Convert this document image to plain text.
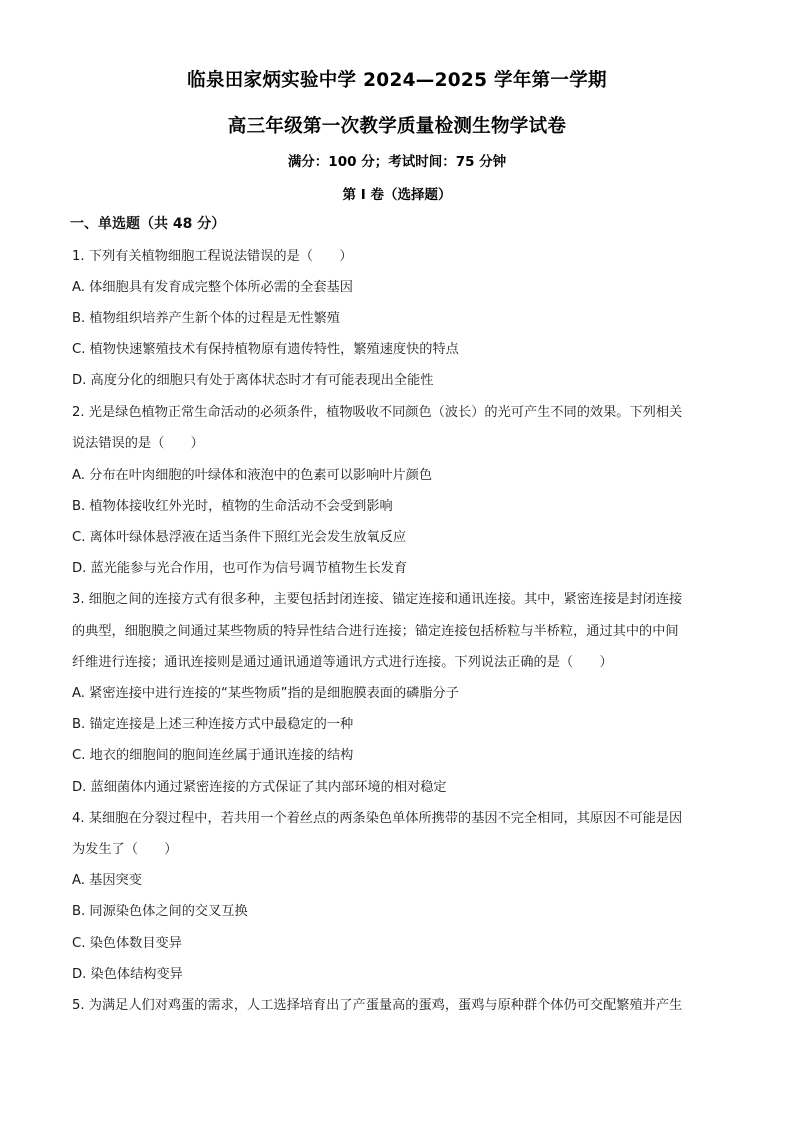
临泉田家炳实验中学 2024—2025 学年第一学期
高三年级第一次教学质量检测生物学试卷
满分：100 分；考试时间：75 分钟
第 I 卷（选择题）
一、单选题（共 48 分）
1. 下列有关植物细胞工程说法错误的是（　　）
A. 体细胞具有发育成完整个体所必需的全套基因
B. 植物组织培养产生新个体的过程是无性繁殖
C. 植物快速繁殖技术有保持植物原有遗传特性，繁殖速度快的特点
D. 高度分化的细胞只有处于离体状态时才有可能表现出全能性
2. 光是绿色植物正常生命活动的必须条件，植物吸收不同颜色（波长）的光可产生不同的效果。下列相关
说法错误的是（　　）
A. 分布在叶肉细胞的叶绿体和液泡中的色素可以影响叶片颜色
B. 植物体接收红外光时，植物的生命活动不会受到影响
C. 离体叶绿体悬浮液在适当条件下照红光会发生放氧反应
D. 蓝光能参与光合作用，也可作为信号调节植物生长发育
3. 细胞之间的连接方式有很多种，主要包括封闭连接、锚定连接和通讯连接。其中，紧密连接是封闭连接
的典型，细胞膜之间通过某些物质的特异性结合进行连接；锚定连接包括桥粒与半桥粒，通过其中的中间
纤维进行连接；通讯连接则是通过通讯通道等通讯方式进行连接。下列说法正确的是（　　）
A. 紧密连接中进行连接的“某些物质”指的是细胞膜表面的磷脂分子
B. 锚定连接是上述三种连接方式中最稳定的一种
C. 地衣的细胞间的胞间连丝属于通讯连接的结构
D. 蓝细菌体内通过紧密连接的方式保证了其内部环境的相对稳定
4. 某细胞在分裂过程中，若共用一个着丝点的两条染色单体所携带的基因不完全相同，其原因不可能是因
为发生了（　　）
A. 基因突变
B. 同源染色体之间的交叉互换
C. 染色体数目变异
D. 染色体结构变异
5. 为满足人们对鸡蛋的需求，人工选择培育出了产蛋量高的蛋鸡，蛋鸡与原种群个体仍可交配繁殖并产生
